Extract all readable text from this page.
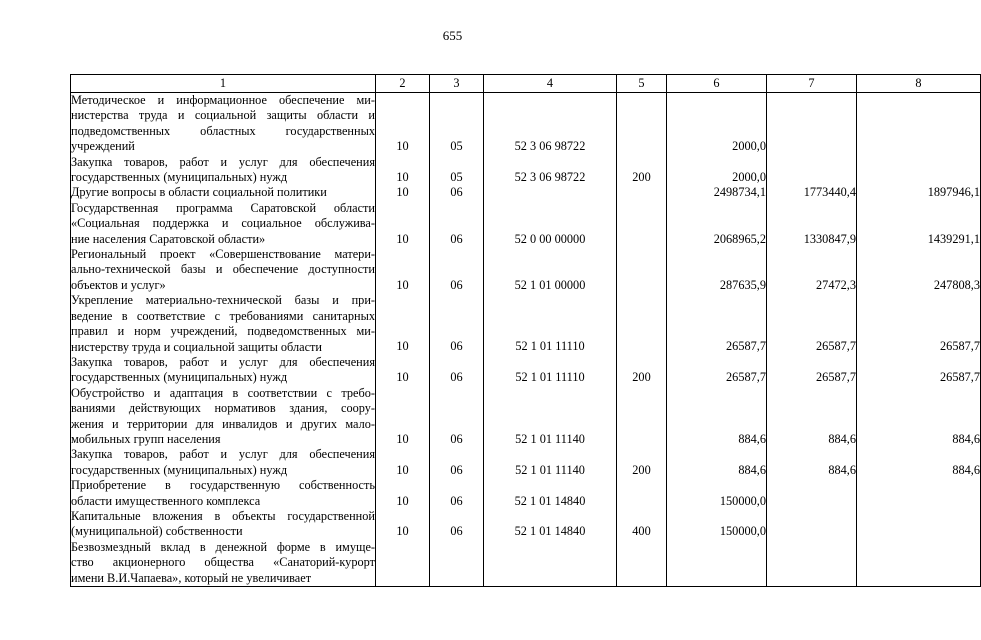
655
1	2	3	4	5	6	7	8

Методическое и информационное обеспечение ми-
нистерства труда и социальной защиты области и
подведомственных областных государственных
учреждений	10	05	52 3 06 98722		2000,0		

Закупка товаров, работ и услуг для обеспечения
государственных (муниципальных) нужд	10	05	52 3 06 98722	200	2000,0		

Другие вопросы в области социальной политики	10	06			2498734,1	1773440,4	1897946,1

Государственная программа Саратовской области
«Социальная поддержка и социальное обслужива-
ние населения Саратовской области»	10	06	52 0 00 00000		2068965,2	1330847,9	1439291,1

Региональный проект «Совершенствование матери-
ально-технической базы и обеспечение доступности
объектов и услуг»	10	06	52 1 01 00000		287635,9	27472,3	247808,3

Укрепление материально-технической базы и при-
ведение в соответствие с требованиями санитарных
правил и норм учреждений, подведомственных ми-
нистерству труда и социальной защиты области	10	06	52 1 01 11110		26587,7	26587,7	26587,7

Закупка товаров, работ и услуг для обеспечения
государственных (муниципальных) нужд	10	06	52 1 01 11110	200	26587,7	26587,7	26587,7

Обустройство и адаптация в соответствии с требо-
ваниями действующих нормативов здания, соору-
жения и территории для инвалидов и других мало-
мобильных групп населения	10	06	52 1 01 11140		884,6	884,6	884,6

Закупка товаров, работ и услуг для обеспечения
государственных (муниципальных) нужд	10	06	52 1 01 11140	200	884,6	884,6	884,6

Приобретение в государственную собственность
области имущественного комплекса	10	06	52 1 01 14840		150000,0		

Капитальные вложения в объекты государственной
(муниципальной) собственности	10	06	52 1 01 14840	400	150000,0		

Безвозмездный вклад в денежной форме в имуще-
ство акционерного общества «Санаторий-курорт
имени В.И.Чапаева», который не увеличивает							
